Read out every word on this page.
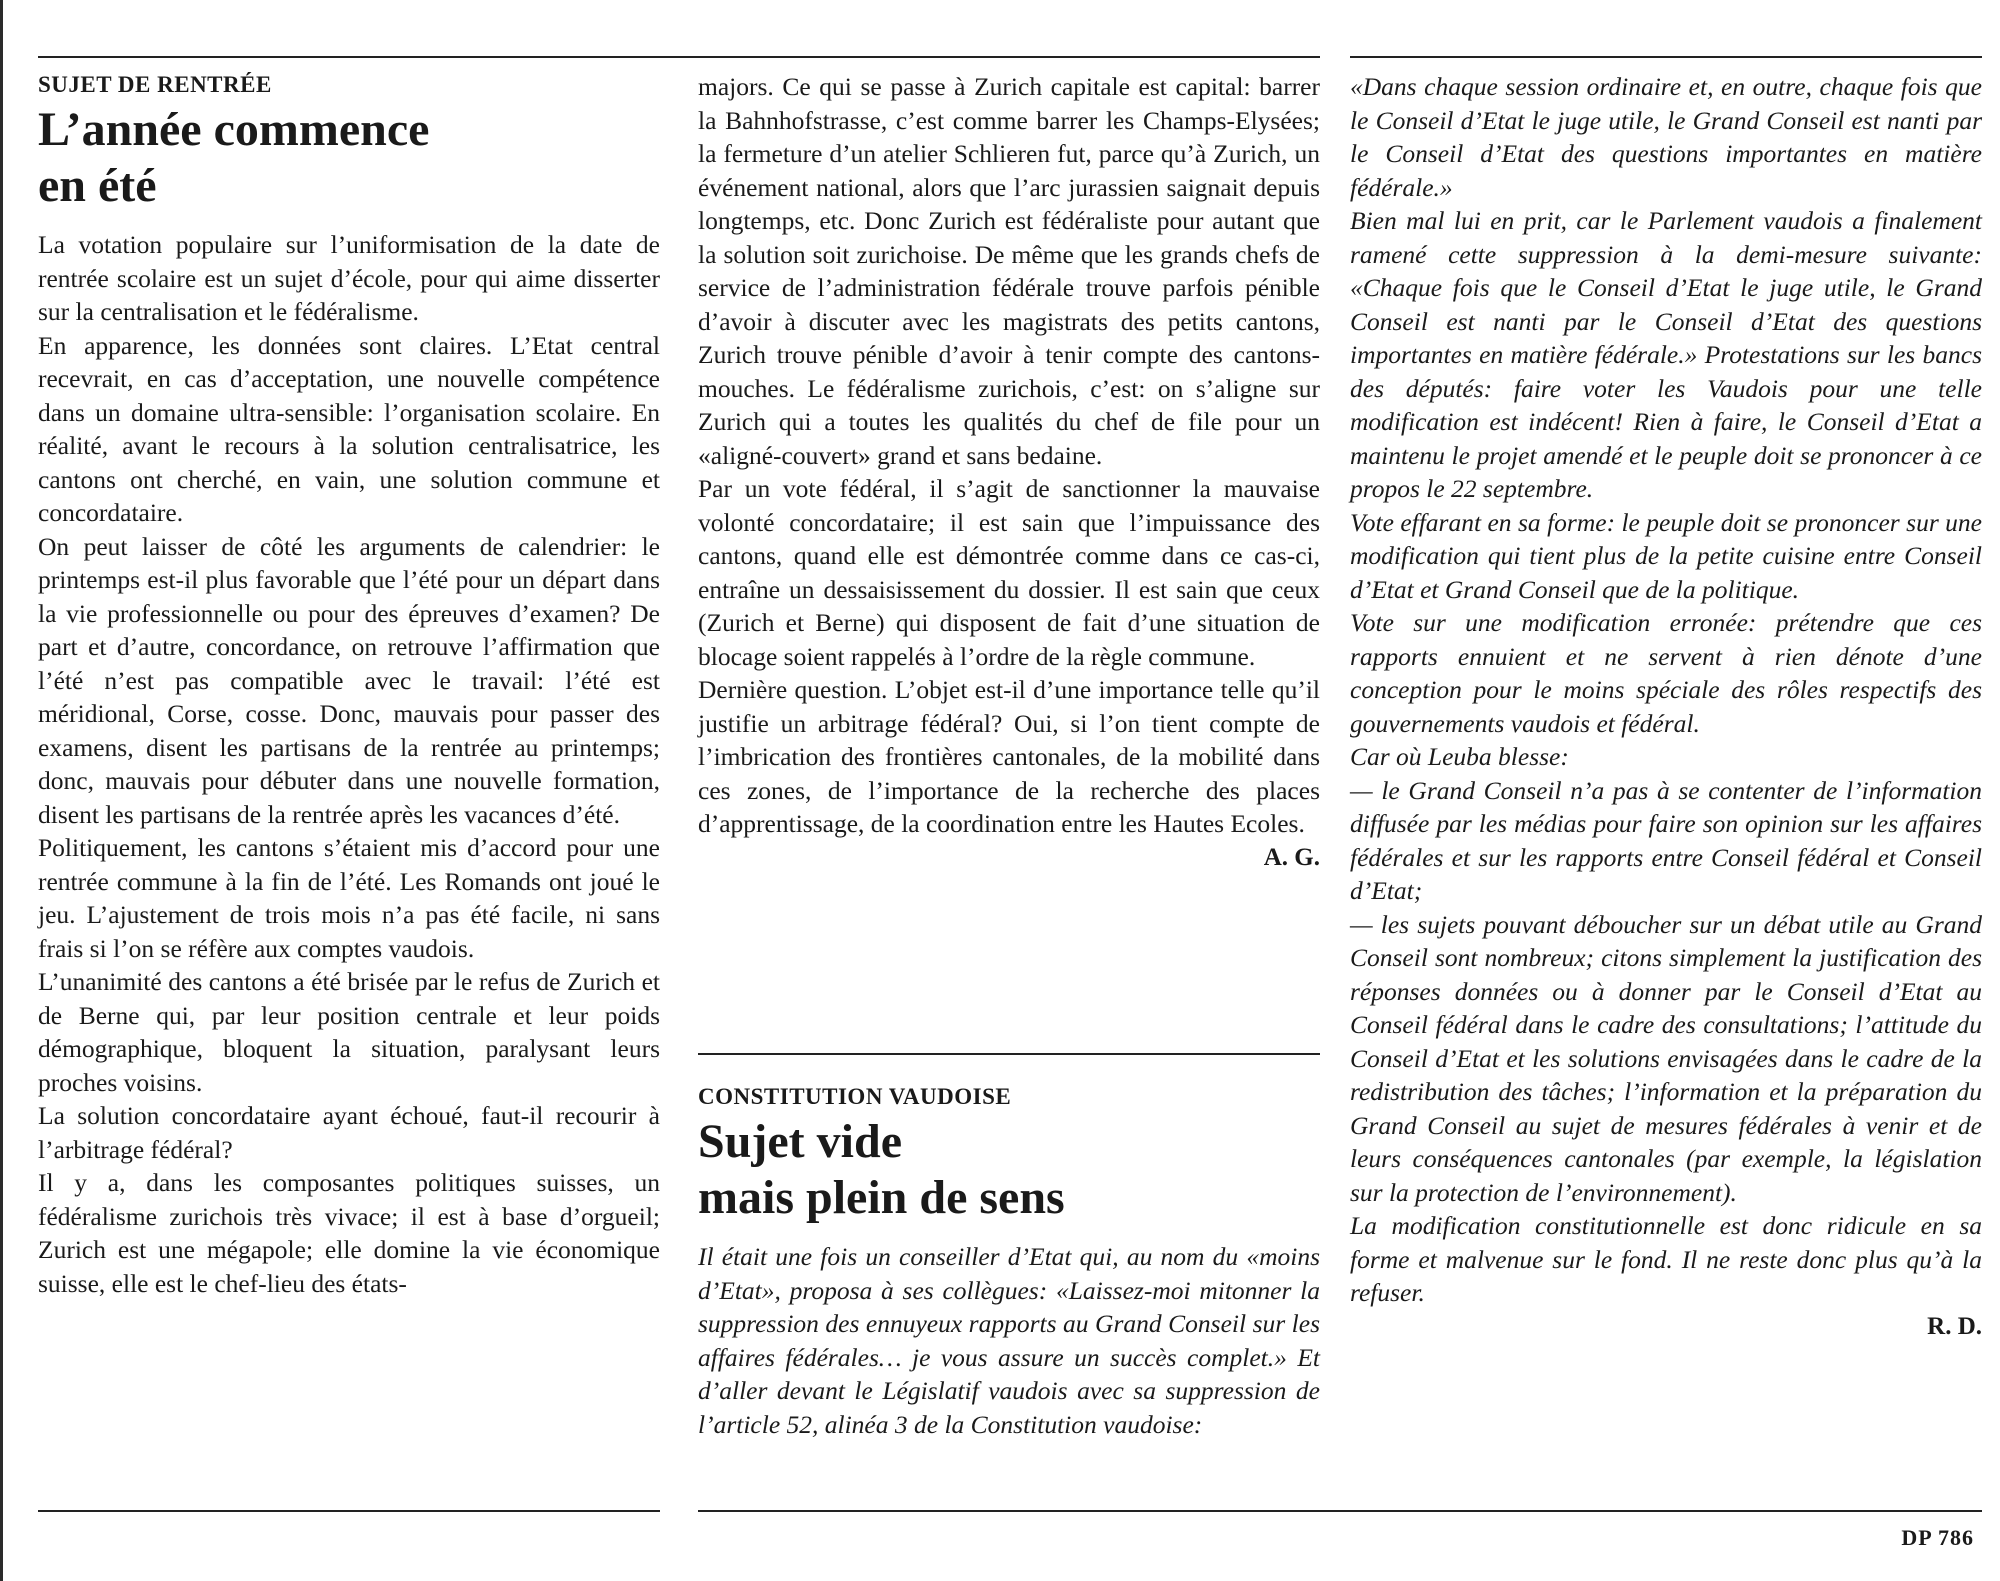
SUJET DE RENTRÉE
L’année commence
en été

La votation populaire sur l’uniformisation de la date de rentrée scolaire est un sujet d’école, pour qui aime disserter sur la centralisation et le fédéralisme.

En apparence, les données sont claires. L’Etat central recevrait, en cas d’acceptation, une nouvelle compétence dans un domaine ultra-sensible: l’organisation scolaire. En réalité, avant le recours à la solution centralisatrice, les cantons ont cherché, en vain, une solution commune et concordataire.

On peut laisser de côté les arguments de calendrier: le printemps est-il plus favorable que l’été pour un départ dans la vie professionnelle ou pour des épreuves d’examen? De part et d’autre, concordance, on retrouve l’affirmation que l’été n’est pas compatible avec le travail: l’été est méridional, Corse, cosse. Donc, mauvais pour passer des examens, disent les partisans de la rentrée au printemps; donc, mauvais pour débuter dans une nouvelle formation, disent les partisans de la rentrée après les vacances d’été.

Politiquement, les cantons s’étaient mis d’accord pour une rentrée commune à la fin de l’été. Les Romands ont joué le jeu. L’ajustement de trois mois n’a pas été facile, ni sans frais si l’on se réfère aux comptes vaudois.

L’unanimité des cantons a été brisée par le refus de Zurich et de Berne qui, par leur position centrale et leur poids démographique, bloquent la situation, paralysant leurs proches voisins.

La solution concordataire ayant échoué, faut-il recourir à l’arbitrage fédéral?

Il y a, dans les composantes politiques suisses, un fédéralisme zurichois très vivace; il est à base d’orgueil; Zurich est une mégapole; elle domine la vie économique suisse, elle est le chef-lieu des états-

majors. Ce qui se passe à Zurich capitale est capital: barrer la Bahnhofstrasse, c’est comme barrer les Champs-Elysées; la fermeture d’un atelier Schlieren fut, parce qu’à Zurich, un événement national, alors que l’arc jurassien saignait depuis longtemps, etc. Donc Zurich est fédéraliste pour autant que la solution soit zurichoise. De même que les grands chefs de service de l’administration fédérale trouve parfois pénible d’avoir à discuter avec les magistrats des petits cantons, Zurich trouve pénible d’avoir à tenir compte des cantons-mouches. Le fédéralisme zurichois, c’est: on s’aligne sur Zurich qui a toutes les qualités du chef de file pour un «aligné-couvert» grand et sans bedaine.

Par un vote fédéral, il s’agit de sanctionner la mauvaise volonté concordataire; il est sain que l’impuissance des cantons, quand elle est démontrée comme dans ce cas-ci, entraîne un dessaisissement du dossier. Il est sain que ceux (Zurich et Berne) qui disposent de fait d’une situation de blocage soient rappelés à l’ordre de la règle commune.

Dernière question. L’objet est-il d’une importance telle qu’il justifie un arbitrage fédéral? Oui, si l’on tient compte de l’imbrication des frontières cantonales, de la mobilité dans ces zones, de l’importance de la recherche des places d’apprentissage, de la coordination entre les Hautes Ecoles.
A. G.

CONSTITUTION VAUDOISE
Sujet vide
mais plein de sens

Il était une fois un conseiller d’Etat qui, au nom du «moins d’Etat», proposa à ses collègues: «Laissez-moi mitonner la suppression des ennuyeux rapports au Grand Conseil sur les affaires fédérales… je vous assure un succès complet.» Et d’aller devant le Législatif vaudois avec sa suppression de l’article 52, alinéa 3 de la Constitution vaudoise:

«Dans chaque session ordinaire et, en outre, chaque fois que le Conseil d’Etat le juge utile, le Grand Conseil est nanti par le Conseil d’Etat des questions importantes en matière fédérale.»

Bien mal lui en prit, car le Parlement vaudois a finalement ramené cette suppression à la demi-mesure suivante: «Chaque fois que le Conseil d’Etat le juge utile, le Grand Conseil est nanti par le Conseil d’Etat des questions importantes en matière fédérale.» Protestations sur les bancs des députés: faire voter les Vaudois pour une telle modification est indécent! Rien à faire, le Conseil d’Etat a maintenu le projet amendé et le peuple doit se prononcer à ce propos le 22 septembre.

Vote effarant en sa forme: le peuple doit se prononcer sur une modification qui tient plus de la petite cuisine entre Conseil d’Etat et Grand Conseil que de la politique.

Vote sur une modification erronée: prétendre que ces rapports ennuient et ne servent à rien dénote d’une conception pour le moins spéciale des rôles respectifs des gouvernements vaudois et fédéral.

Car où Leuba blesse:

— le Grand Conseil n’a pas à se contenter de l’information diffusée par les médias pour faire son opinion sur les affaires fédérales et sur les rapports entre Conseil fédéral et Conseil d’Etat;

— les sujets pouvant déboucher sur un débat utile au Grand Conseil sont nombreux; citons simplement la justification des réponses données ou à donner par le Conseil d’Etat au Conseil fédéral dans le cadre des consultations; l’attitude du Conseil d’Etat et les solutions envisagées dans le cadre de la redistribution des tâches; l’information et la préparation du Grand Conseil au sujet de mesures fédérales à venir et de leurs conséquences cantonales (par exemple, la législation sur la protection de l’environnement).

La modification constitutionnelle est donc ridicule en sa forme et malvenue sur le fond. Il ne reste donc plus qu’à la refuser.

R. D.

DP 786
